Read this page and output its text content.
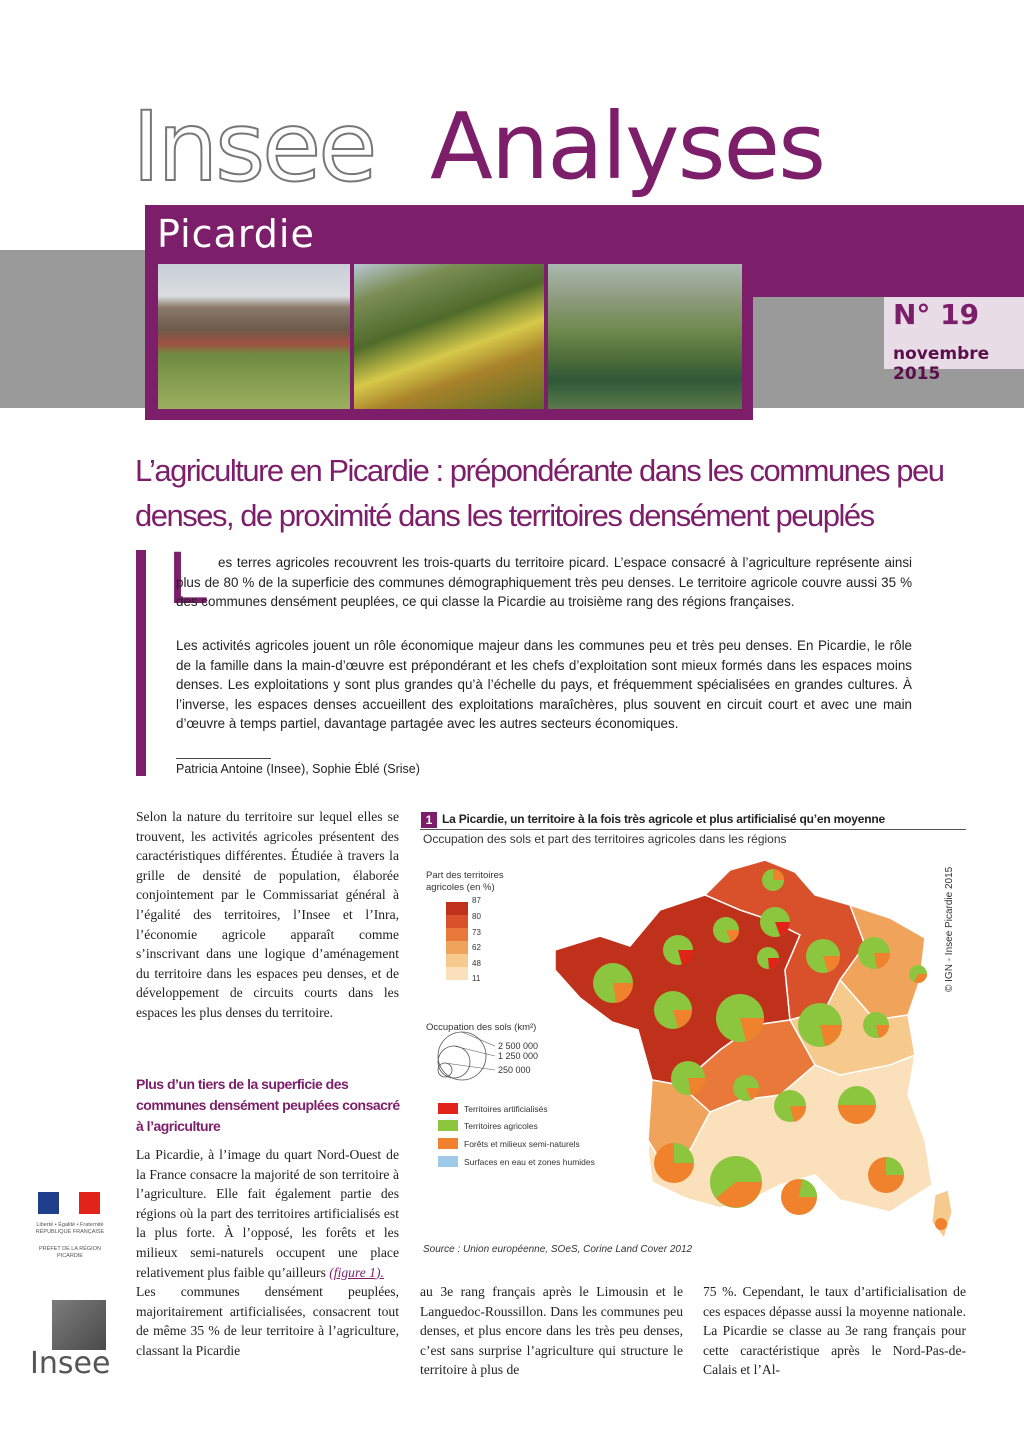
Insee Analyses
Picardie
N° 19
novembre 2015
L’agriculture en Picardie : prépondérante dans les communes peu denses, de proximité dans les territoires densément peuplés
L es terres agricoles recouvrent les trois-quarts du territoire picard. L’espace consacré à l’agriculture représente ainsi plus de 80 % de la superficie des communes démographiquement très peu denses. Le territoire agricole couvre aussi 35 % des communes densément peuplées, ce qui classe la Picardie au troisième rang des régions françaises.
Les activités agricoles jouent un rôle économique majeur dans les communes peu et très peu denses. En Picardie, le rôle de la famille dans la main-d’œuvre est prépondérant et les chefs d’exploitation sont mieux formés dans les espaces moins denses. Les exploitations y sont plus grandes qu’à l’échelle du pays, et fréquemment spécialisées en grandes cultures. À l’inverse, les espaces denses accueillent des exploitations maraîchères, plus souvent en circuit court et avec une main d’œuvre à temps partiel, davantage partagée avec les autres secteurs économiques.
Patricia Antoine (Insee), Sophie Éblé (Srise)
Selon la nature du territoire sur lequel elles se trouvent, les activités agricoles présentent des caractéristiques différentes. Étudiée à travers la grille de densité de population, élaborée conjointement par le Commissariat général à l’égalité des territoires, l’Insee et l’Inra, l’économie agricole apparaît comme s’inscrivant dans une logique d’aménagement du territoire dans les espaces peu denses, et de développement de circuits courts dans les espaces les plus denses du territoire.
Plus d’un tiers de la superficie des communes densément peuplées consacré à l’agriculture
La Picardie, à l’image du quart Nord-Ouest de la France consacre la majorité de son territoire à l’agriculture. Elle fait également partie des régions où la part des territoires artificialisés est la plus forte. À l’opposé, les forêts et les milieux semi-naturels occupent une place relativement plus faible qu’ailleurs (figure 1).
Les communes densément peuplées, majoritairement artificialisées, consacrent tout de même 35 % de leur territoire à l’agriculture, classant la Picardie
au 3e rang français après le Limousin et le Languedoc-Roussillon. Dans les communes peu denses, et plus encore dans les très peu denses, c’est sans surprise l’agriculture qui structure le territoire à plus de
75 %. Cependant, le taux d’artificialisation de ces espaces dépasse aussi la moyenne nationale. La Picardie se classe au 3e rang français pour cette caractéristique après le Nord-Pas-de-Calais et l’Al-
1 La Picardie, un territoire à la fois très agricole et plus artificialisé qu’en moyenne
Occupation des sols et part des territoires agricoles dans les régions
Part des territoires
agricoles (en %)
87
80
73
62
48
11
Occupation des sols (km²)
2 500 000
1 250 000
250 000
Territoires artificialisés
Territoires agricoles
Forêts et milieux semi-naturels
Surfaces en eau et zones humides
© IGN - Insee Picardie 2015
Source : Union européenne, SOeS, Corine Land Cover 2012
Liberté • Égalité • Fraternité RÉPUBLIQUE FRANÇAISE
PRÉFET DE LA RÉGION PICARDIE
Insee
